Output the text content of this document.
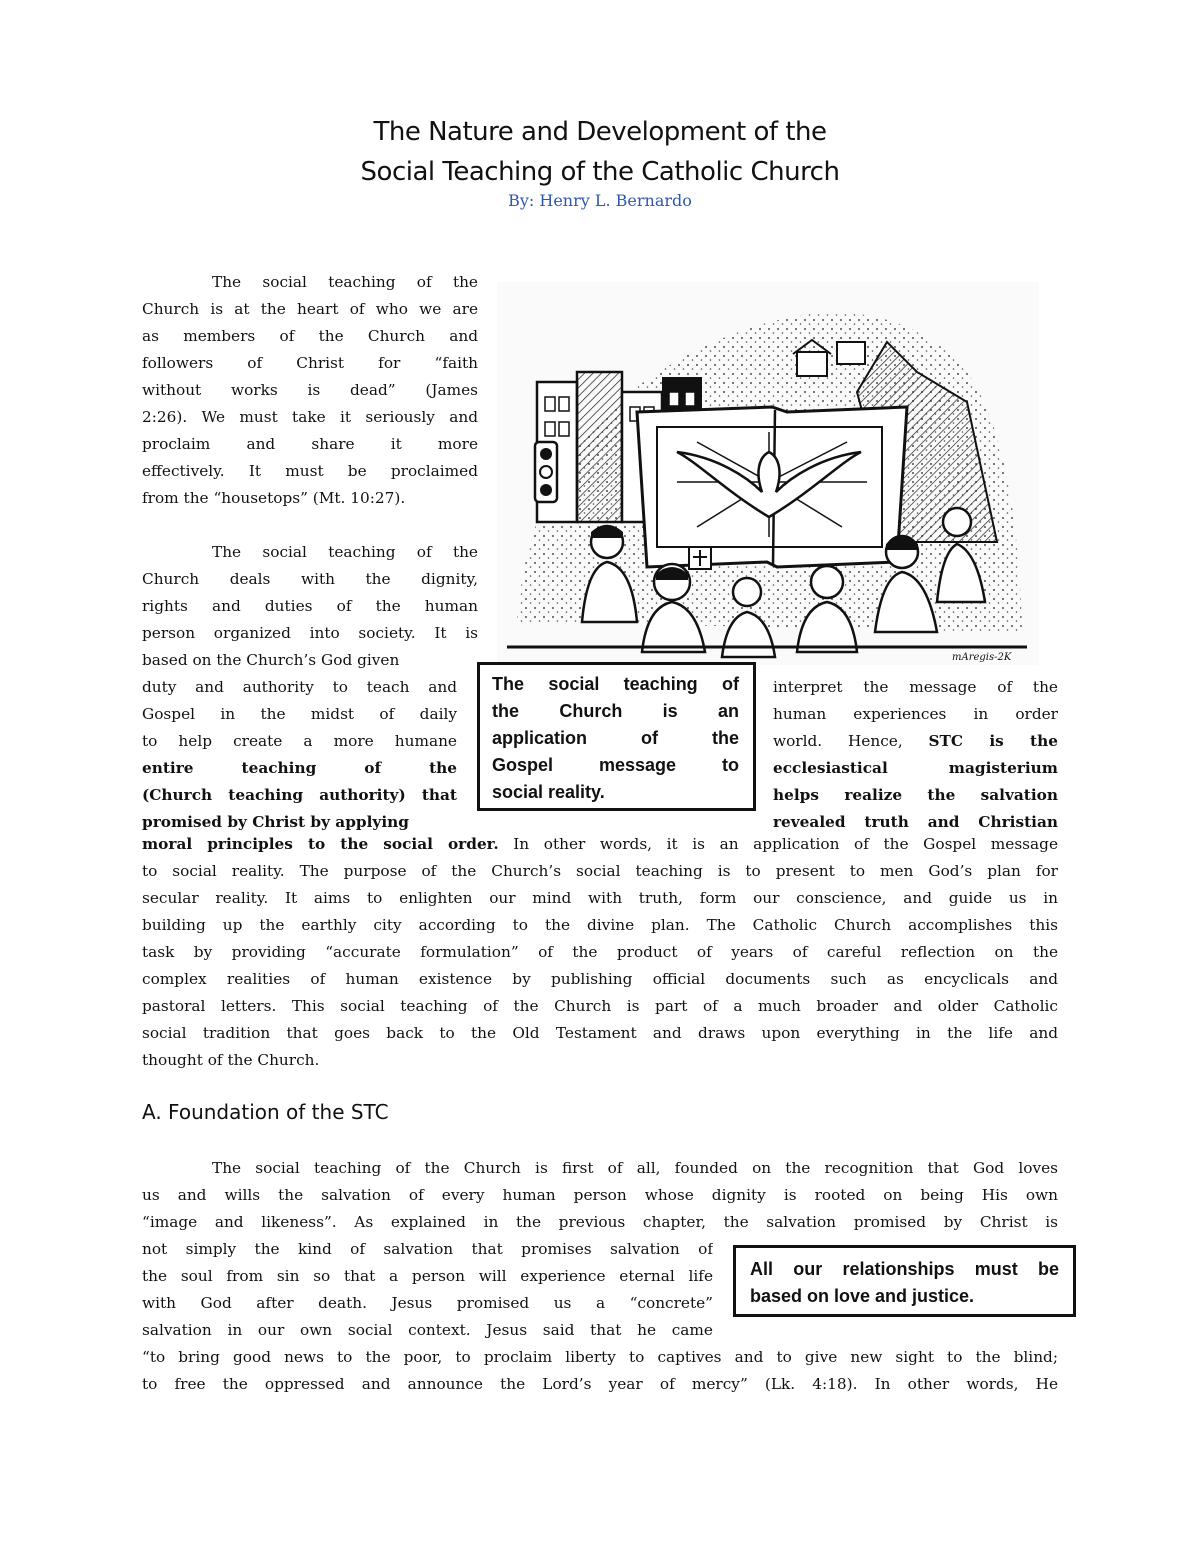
The Nature and Development of the
Social Teaching of the Catholic Church
By: Henry L. Bernardo
The social teaching of the
Church is at the heart of who we are
as members of the Church and
followers of Christ for “faith
without works is dead” (James
2:26). We must take it seriously and
proclaim and share it more
effectively. It must be proclaimed
from the “housetops” (Mt. 10:27).
mAregis-2K
The social teaching of the
Church deals with the dignity,
rights and duties of the human
person organized into society. It is
based on the Church’s God given
duty and authority to teach and
Gospel in the midst of daily
to help create a more humane
entire teaching of the
(Church teaching authority) that
promised by Christ by applying
The social teaching of
the Church is an
application of the
Gospel message to
social reality.
interpret the message of the
human experiences in order
world. Hence, STC is the
ecclesiastical magisterium
helps realize the salvation
revealed truth and Christian
moral principles to the social order. In other words, it is an application of the Gospel message
to social reality. The purpose of the Church’s social teaching is to present to men God’s plan for
secular reality. It aims to enlighten our mind with truth, form our conscience, and guide us in
building up the earthly city according to the divine plan. The Catholic Church accomplishes this
task by providing “accurate formulation” of the product of years of careful reflection on the
complex realities of human existence by publishing official documents such as encyclicals and
pastoral letters. This social teaching of the Church is part of a much broader and older Catholic
social tradition that goes back to the Old Testament and draws upon everything in the life and
thought of the Church.
A. Foundation of the STC
The social teaching of the Church is first of all, founded on the recognition that God loves
us and wills the salvation of every human person whose dignity is rooted on being His own
“image and likeness”. As explained in the previous chapter, the salvation promised by Christ is
not simply the kind of salvation that promises salvation of
the soul from sin so that a person will experience eternal life
with God after death. Jesus promised us a “concrete”
salvation in our own social context. Jesus said that he came
All our relationships must be
based on love and justice.
“to bring good news to the poor, to proclaim liberty to captives and to give new sight to the blind;
to free the oppressed and announce the Lord’s year of mercy” (Lk. 4:18). In other words, He
